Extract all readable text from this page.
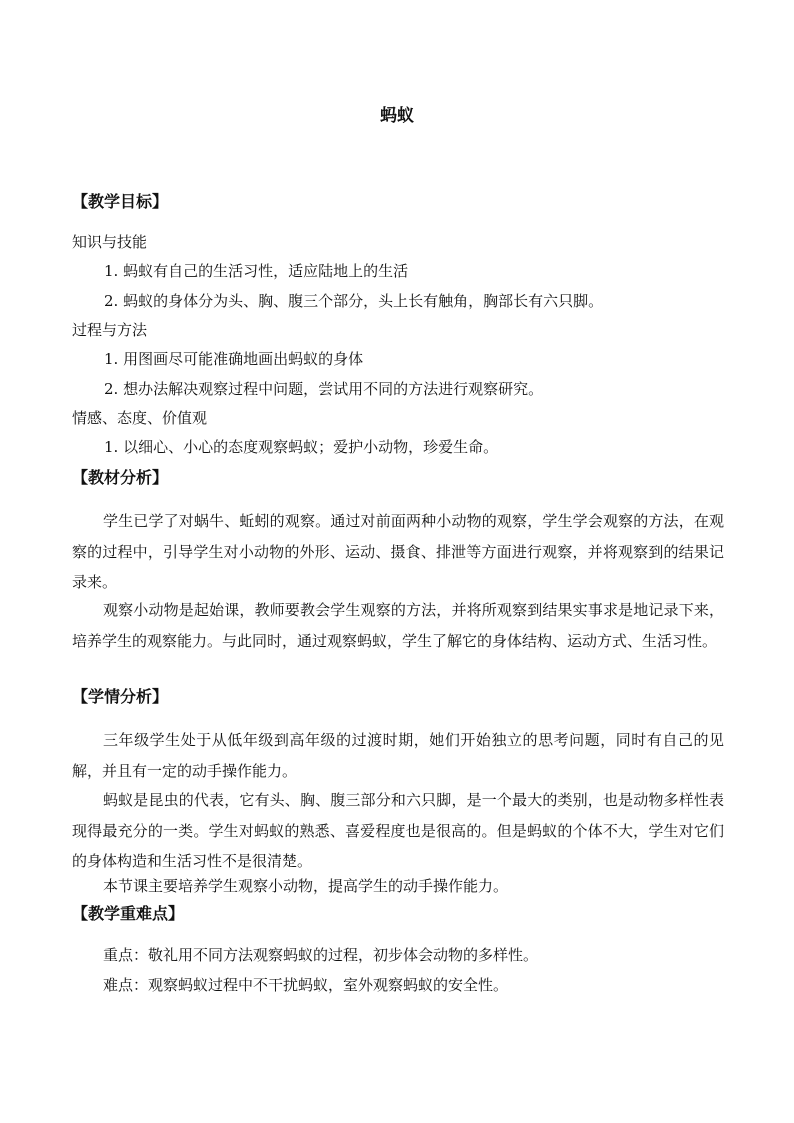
蚂蚁
【教学目标】
知识与技能
1. 蚂蚁有自己的生活习性，适应陆地上的生活
2. 蚂蚁的身体分为头、胸、腹三个部分，头上长有触角，胸部长有六只脚。
过程与方法
1. 用图画尽可能准确地画出蚂蚁的身体
2. 想办法解决观察过程中问题，尝试用不同的方法进行观察研究。
情感、态度、价值观
1. 以细心、小心的态度观察蚂蚁；爱护小动物，珍爱生命。
【教材分析】
学生已学了对蜗牛、蚯蚓的观察。通过对前面两种小动物的观察，学生学会观察的方法，在观察的过程中，引导学生对小动物的外形、运动、摄食、排泄等方面进行观察，并将观察到的结果记录来。
观察小动物是起始课，教师要教会学生观察的方法，并将所观察到结果实事求是地记录下来，培养学生的观察能力。与此同时，通过观察蚂蚁，学生了解它的身体结构、运动方式、生活习性。
【学情分析】
三年级学生处于从低年级到高年级的过渡时期，她们开始独立的思考问题，同时有自己的见解，并且有一定的动手操作能力。
蚂蚁是昆虫的代表，它有头、胸、腹三部分和六只脚，是一个最大的类别，也是动物多样性表现得最充分的一类。学生对蚂蚁的熟悉、喜爱程度也是很高的。但是蚂蚁的个体不大，学生对它们的身体构造和生活习性不是很清楚。
本节课主要培养学生观察小动物，提高学生的动手操作能力。
【教学重难点】
重点：敬礼用不同方法观察蚂蚁的过程，初步体会动物的多样性。
难点：观察蚂蚁过程中不干扰蚂蚁，室外观察蚂蚁的安全性。
